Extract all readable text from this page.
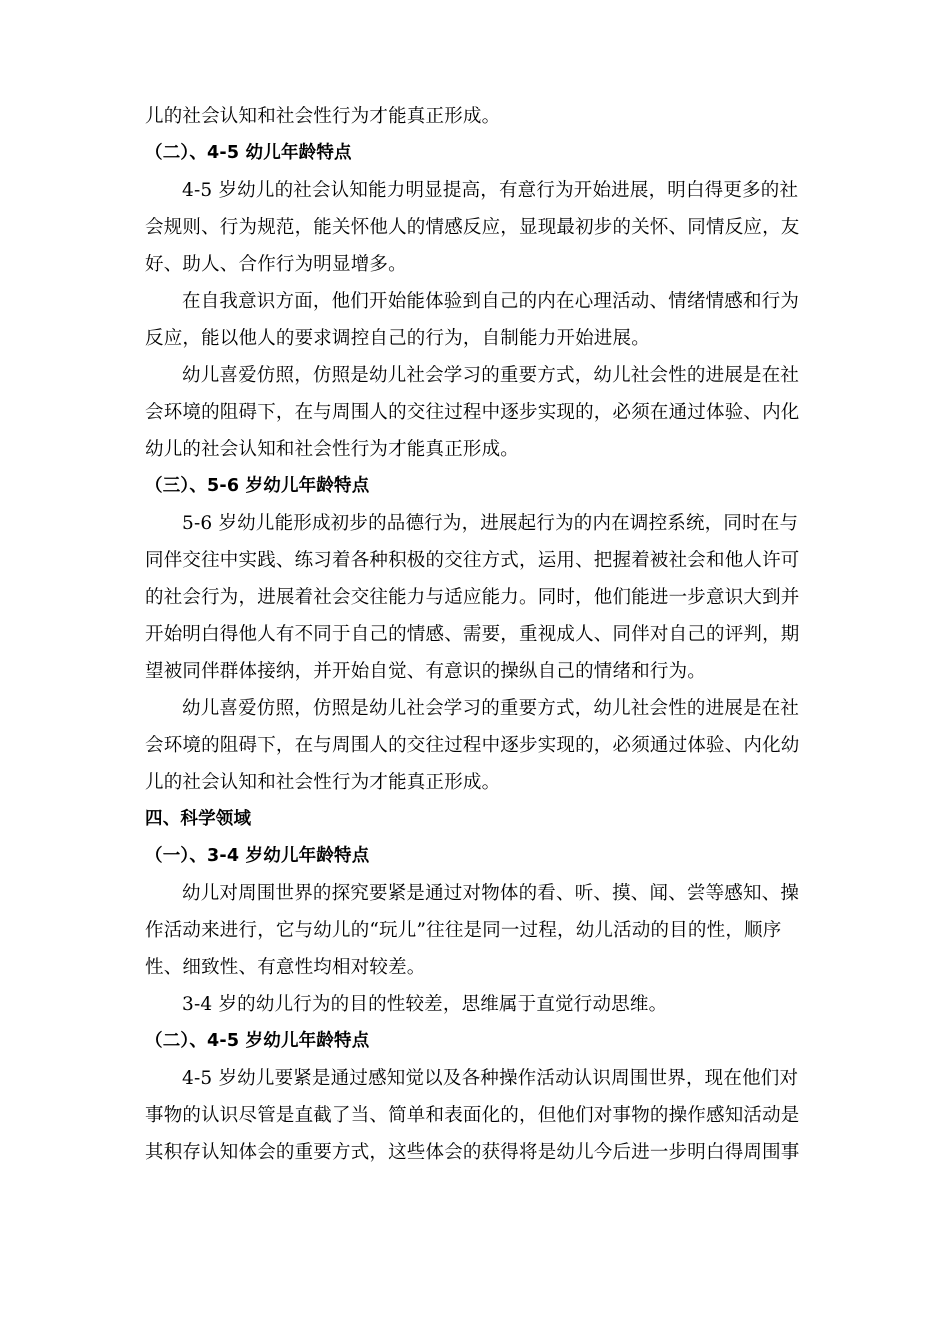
儿的社会认知和社会性行为才能真正形成。
（二）、4-5 幼儿年龄特点
4-5 岁幼儿的社会认知能力明显提高，有意行为开始进展，明白得更多的社
会规则、行为规范，能关怀他人的情感反应，显现最初步的关怀、同情反应，友
好、助人、合作行为明显增多。
在自我意识方面，他们开始能体验到自己的内在心理活动、情绪情感和行为
反应，能以他人的要求调控自己的行为，自制能力开始进展。
幼儿喜爱仿照，仿照是幼儿社会学习的重要方式，幼儿社会性的进展是在社
会环境的阻碍下，在与周围人的交往过程中逐步实现的，必须在通过体验、内化
幼儿的社会认知和社会性行为才能真正形成。
（三）、5-6 岁幼儿年龄特点
5-6 岁幼儿能形成初步的品德行为，进展起行为的内在调控系统，同时在与
同伴交往中实践、练习着各种积极的交往方式，运用、把握着被社会和他人许可
的社会行为，进展着社会交往能力与适应能力。同时，他们能进一步意识大到并
开始明白得他人有不同于自己的情感、需要，重视成人、同伴对自己的评判，期
望被同伴群体接纳，并开始自觉、有意识的操纵自己的情绪和行为。
幼儿喜爱仿照，仿照是幼儿社会学习的重要方式，幼儿社会性的进展是在社
会环境的阻碍下，在与周围人的交往过程中逐步实现的，必须通过体验、内化幼
儿的社会认知和社会性行为才能真正形成。
四、科学领域
（一）、3-4 岁幼儿年龄特点
幼儿对周围世界的探究要紧是通过对物体的看、听、摸、闻、尝等感知、操
作活动来进行，它与幼儿的“玩儿”往往是同一过程，幼儿活动的目的性，顺序
性、细致性、有意性均相对较差。
3-4 岁的幼儿行为的目的性较差，思维属于直觉行动思维。
（二）、4-5 岁幼儿年龄特点
4-5 岁幼儿要紧是通过感知觉以及各种操作活动认识周围世界，现在他们对
事物的认识尽管是直截了当、简单和表面化的，但他们对事物的操作感知活动是
其积存认知体会的重要方式，这些体会的获得将是幼儿今后进一步明白得周围事
